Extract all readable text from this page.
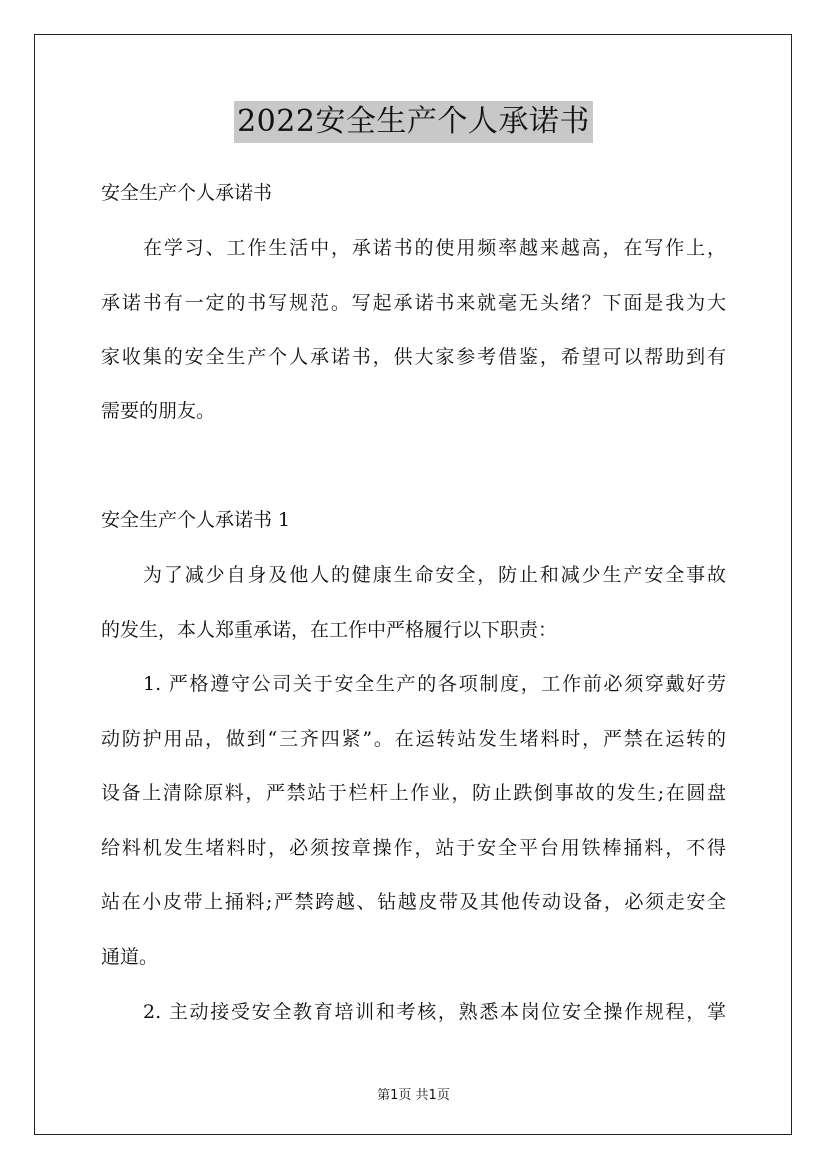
2022安全生产个人承诺书

安全生产个人承诺书

在学习、工作生活中，承诺书的使用频率越来越高，在写作上，

承诺书有一定的书写规范。写起承诺书来就毫无头绪？下面是我为大

家收集的安全生产个人承诺书，供大家参考借鉴，希望可以帮助到有

需要的朋友。

安全生产个人承诺书 1

为了减少自身及他人的健康生命安全，防止和减少生产安全事故

的发生，本人郑重承诺，在工作中严格履行以下职责：

1. 严格遵守公司关于安全生产的各项制度，工作前必须穿戴好劳

动防护用品，做到“三齐四紧”。在运转站发生堵料时，严禁在运转的

设备上清除原料，严禁站于栏杆上作业，防止跌倒事故的发生;在圆盘

给料机发生堵料时，必须按章操作，站于安全平台用铁棒捅料，不得

站在小皮带上捅料;严禁跨越、钻越皮带及其他传动设备，必须走安全

通道。

2. 主动接受安全教育培训和考核，熟悉本岗位安全操作规程，掌

第1页 共1页
